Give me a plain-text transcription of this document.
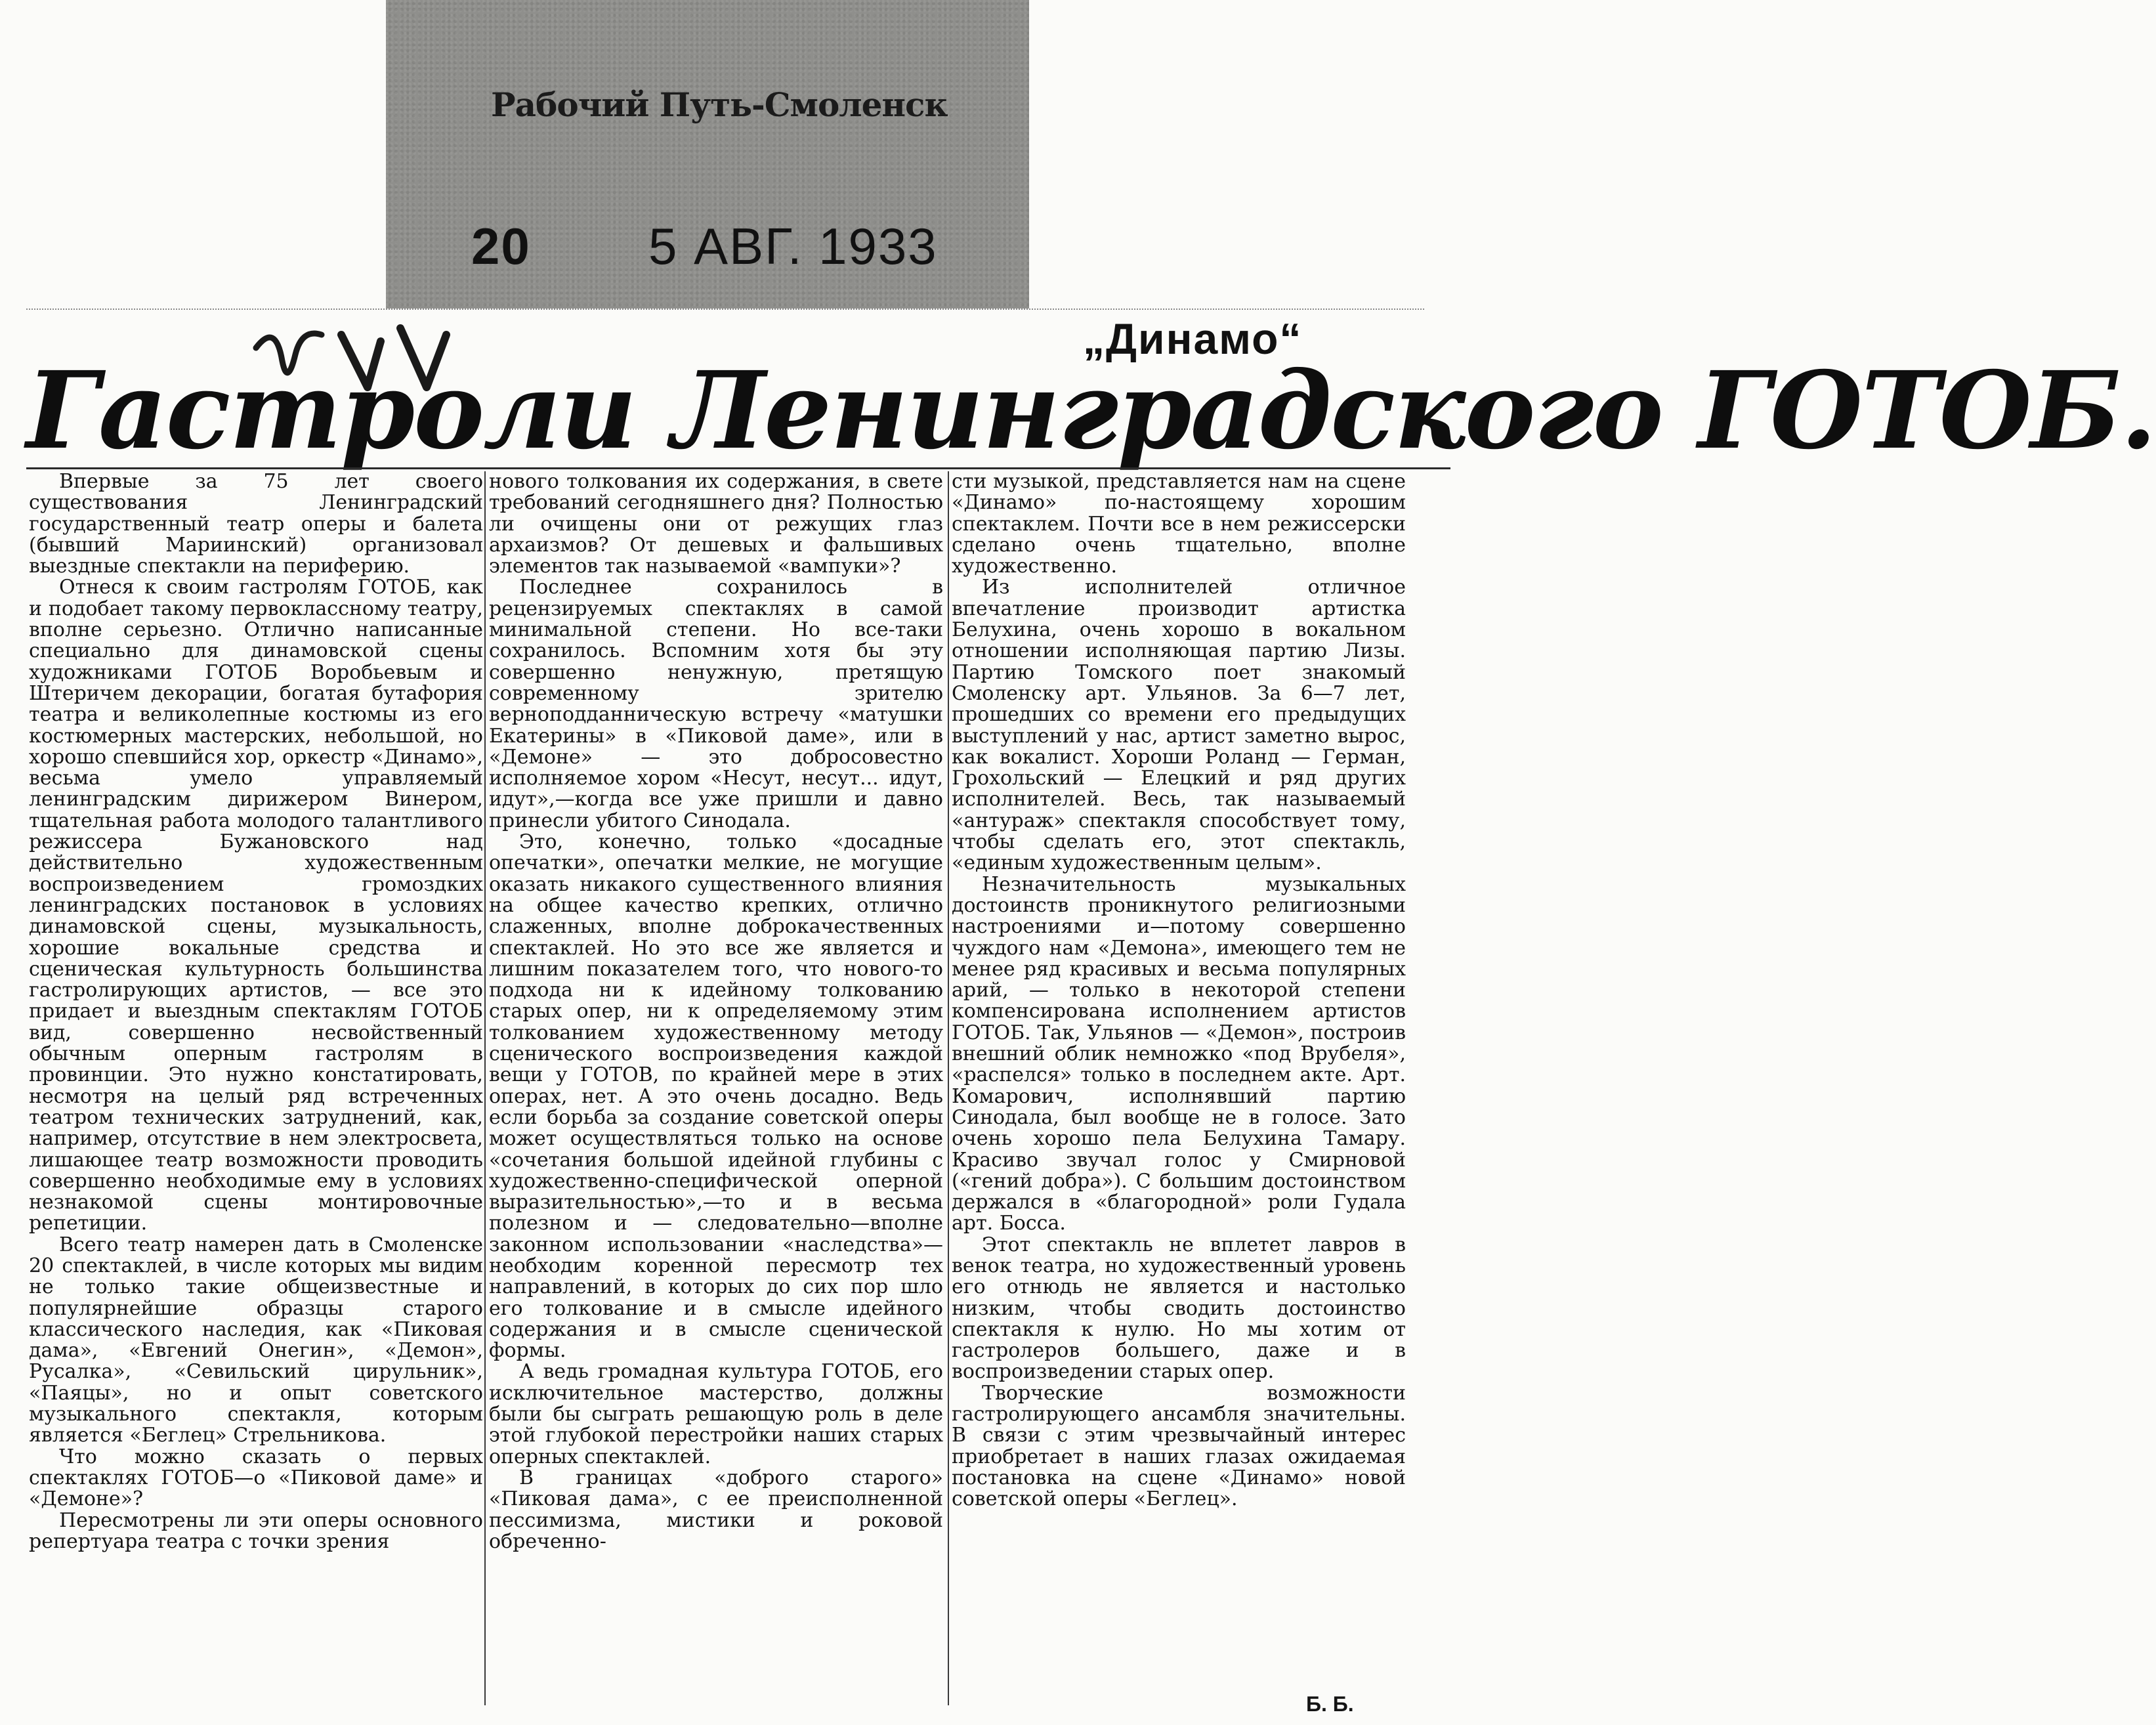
Рабочий Путь-Смоленск
20 5 АВГ. 1933
„Динамо“
Гастроли Ленинградского ГОТОБ.

Впервые за 75 лет своего существования Ленинградский государственный театр оперы и балета (бывший Мариинский) организовал выездные спектакли на периферию.

Отнеся к своим гастролям ГОТОБ, как и подобает такому первоклассному театру, вполне серьезно. Отлично написанные специально для динамовской сцены художниками ГОТОБ Воробьевым и Штеричем декорации, богатая бутафория театра и великолепные костюмы из его костюмерных мастерских, небольшой, но хорошо спевшийся хор, оркестр «Динамо», весьма умело управляемый ленинградским дирижером Винером, тщательная работа молодого талантливого режиссера Бужановского над действительно художественным воспроизведением громоздких ленинградских постановок в условиях динамовской сцены, музыкальность, хорошие вокальные средства и сценическая культурность большинства гастролирующих артистов, — все это придает и выездным спектаклям ГОТОБ вид, совершенно несвойственный обычным оперным гастролям в провинции. Это нужно констатировать, несмотря на целый ряд встреченных театром технических затруднений, как, например, отсутствие в нем электросвета, лишающее театр возможности проводить совершенно необходимые ему в условиях незнакомой сцены монтировочные репетиции.

Всего театр намерен дать в Смоленске 20 спектаклей, в числе которых мы видим не только такие общеизвестные и популярнейшие образцы старого классического наследия, как «Пиковая дама», «Евгений Онегин», «Демон», Русалка», «Севильский цирульник», «Паяцы», но и опыт советского музыкального спектакля, которым является «Беглец» Стрельникова.

Что можно сказать о первых спектаклях ГОТОБ—о «Пиковой даме» и «Демоне»?

Пересмотрены ли эти оперы основного репертуара театра с точки зрения

нового толкования их содержания, в свете требований сегодняшнего дня? Полностью ли очищены они от режущих глаз архаизмов? От дешевых и фальшивых элементов так называемой «вампуки»?

Последнее сохранилось в рецензируемых спектаклях в самой минимальной степени. Но все-таки сохранилось. Вспомним хотя бы эту совершенно ненужную, претящую современному зрителю верноподданническую встречу «матушки Екатерины» в «Пиковой даме», или в «Демоне» — это добросовестно исполняемое хором «Несут, несут... идут, идут»,—когда все уже пришли и давно принесли убитого Синодала.

Это, конечно, только «досадные опечатки», опечатки мелкие, не могущие оказать никакого существенного влияния на общее качество крепких, отлично слаженных, вполне доброкачественных спектаклей. Но это все же является и лишним показателем того, что нового-то подхода ни к идейному толкованию старых опер, ни к определяемому этим толкованием художественному методу сценического воспроизведения каждой вещи у ГОТОВ, по крайней мере в этих операх, нет. А это очень досадно. Ведь если борьба за создание советской оперы может осуществляться только на основе «сочетания большой идейной глубины с художественно-специфической оперной выразительностью»,—то и в весьма полезном и — следовательно—вполне законном использовании «наследства»—необходим коренной пересмотр тех направлений, в которых до сих пор шло его толкование и в смысле идейного содержания и в смысле сценической формы.

А ведь громадная культура ГОТОБ, его исключительное мастерство, должны были бы сыграть решающую роль в деле этой глубокой перестройки наших старых оперных спектаклей.

В границах «доброго старого» «Пиковая дама», с ее преисполненной пессимизма, мистики и роковой обреченно-

сти музыкой, представляется нам на сцене «Динамо» по-настоящему хорошим спектаклем. Почти все в нем режиссерски сделано очень тщательно, вполне художественно.

Из исполнителей отличное впечатление производит артистка Белухина, очень хорошо в вокальном отношении исполняющая партию Лизы. Партию Томского поет знакомый Смоленску арт. Ульянов. За 6—7 лет, прошедших со времени его предыдущих выступлений у нас, артист заметно вырос, как вокалист. Хороши Роланд — Герман, Грохольский — Елецкий и ряд других исполнителей. Весь, так называемый «антураж» спектакля способствует тому, чтобы сделать его, этот спектакль, «единым художественным целым».

Незначительность музыкальных достоинств проникнутого религиозными настроениями и—потому совершенно чуждого нам «Демона», имеющего тем не менее ряд красивых и весьма популярных арий, — только в некоторой степени компенсирована исполнением артистов ГОТОБ. Так, Ульянов — «Демон», построив внешний облик немножко «под Врубеля», «распелся» только в последнем акте. Арт. Комарович, исполнявший партию Синодала, был вообще не в голосе. Зато очень хорошо пела Белухина Тамару. Красиво звучал голос у Смирновой («гений добра»). С большим достоинством держался в «благородной» роли Гудала арт. Босса.

Этот спектакль не вплетет лавров в венок театра, но художественный уровень его отнюдь не является и настолько низким, чтобы сводить достоинство спектакля к нулю. Но мы хотим от гастролеров большего, даже и в воспроизведении старых опер.

Творческие возможности гастролирующего ансамбля значительны. В связи с этим чрезвычайный интерес приобретает в наших глазах ожидаемая постановка на сцене «Динамо» новой советской оперы «Беглец».

Б. Б.
